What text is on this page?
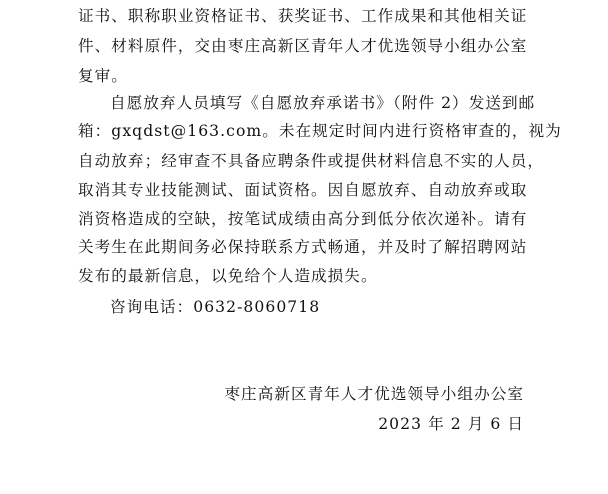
证书、职称职业资格证书、获奖证书、工作成果和其他相关证
件、材料原件，交由枣庄高新区青年人才优选领导小组办公室
复审。
自愿放弃人员填写《自愿放弃承诺书》（附件 2）发送到邮
箱：gxqdst@163.com。未在规定时间内进行资格审查的，视为
自动放弃；经审查不具备应聘条件或提供材料信息不实的人员，
取消其专业技能测试、面试资格。因自愿放弃、自动放弃或取
消资格造成的空缺，按笔试成绩由高分到低分依次递补。请有
关考生在此期间务必保持联系方式畅通，并及时了解招聘网站
发布的最新信息，以免给个人造成损失。
咨询电话：0632-8060718
枣庄高新区青年人才优选领导小组办公室
2023 年 2 月 6 日
